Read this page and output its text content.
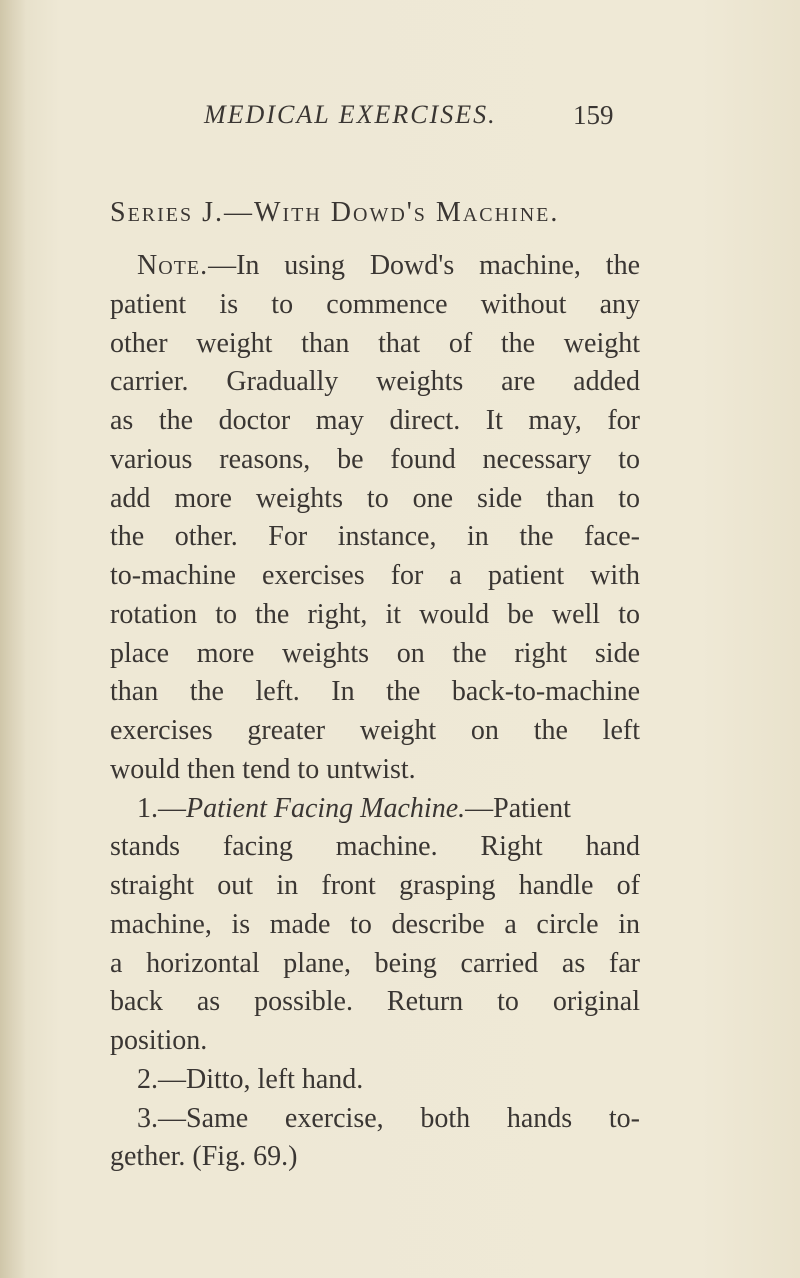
MEDICAL EXERCISES.	159
Series J.—With Dowd's Machine.
Note.—In using Dowd's machine, the
patient is to commence without any
other weight than that of the weight
carrier. Gradually weights are added
as the doctor may direct. It may, for
various reasons, be found necessary to
add more weights to one side than to
the other. For instance, in the face-
to-machine exercises for a patient with
rotation to the right, it would be well to
place more weights on the right side
than the left. In the back-to-machine
exercises greater weight on the left
would then tend to untwist.
1.—Patient Facing Machine.—Patient
stands facing machine. Right hand
straight out in front grasping handle of
machine, is made to describe a circle in
a horizontal plane, being carried as far
back as possible. Return to original
position.
2.—Ditto, left hand.
3.—Same exercise, both hands to-
gether. (Fig. 69.)
